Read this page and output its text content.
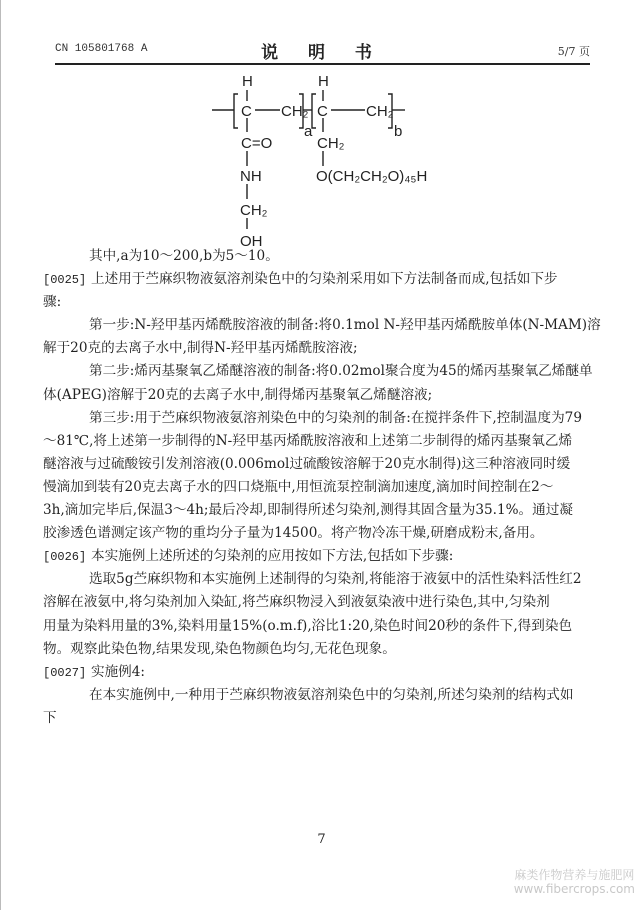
CN 105801768 A	说 明 书	5/7 页
H
C CH₂
a
H
C	CH₂
b
C=O
NH
CH₂
OH
CH₂
O(CH₂CH₂O)₄₅H
其中,a为10～200,b为5～10。
[0025] 上述用于苎麻织物液氨溶剂染色中的匀染剂采用如下方法制备而成,包括如下步
骤:
第一步:N-羟甲基丙烯酰胺溶液的制备:将0.1mol N-羟甲基丙烯酰胺单体(N-MAM)溶
解于20克的去离子水中,制得N-羟甲基丙烯酰胺溶液;
第二步:烯丙基聚氧乙烯醚溶液的制备:将0.02mol聚合度为45的烯丙基聚氧乙烯醚单
体(APEG)溶解于20克的去离子水中,制得烯丙基聚氧乙烯醚溶液;
第三步:用于苎麻织物液氨溶剂染色中的匀染剂的制备:在搅拌条件下,控制温度为79
～81℃,将上述第一步制得的N-羟甲基丙烯酰胺溶液和上述第二步制得的烯丙基聚氧乙烯
醚溶液与过硫酸铵引发剂溶液(0.006mol过硫酸铵溶解于20克水制得)这三种溶液同时缓
慢滴加到装有20克去离子水的四口烧瓶中,用恒流泵控制滴加速度,滴加时间控制在2～
3h,滴加完毕后,保温3～4h;最后冷却,即制得所述匀染剂,测得其固含量为35.1%。通过凝
胶渗透色谱测定该产物的重均分子量为14500。将产物冷冻干燥,研磨成粉末,备用。
[0026] 本实施例上述所述的匀染剂的应用按如下方法,包括如下步骤:
选取5g苎麻织物和本实施例上述制得的匀染剂,将能溶于液氨中的活性染料活性红2
溶解在液氨中,将匀染剂加入染缸,将苎麻织物浸入到液氨染液中进行染色,其中,匀染剂
用量为染料用量的3%,染料用量15%(o.m.f),浴比1:20,染色时间20秒的条件下,得到染色
物。观察此染色物,结果发现,染色物颜色均匀,无花色现象。
[0027] 实施例4:
在本实施例中,一种用于苎麻织物液氨溶剂染色中的匀染剂,所述匀染剂的结构式如
下
7
麻类作物营养与施肥网
www.fibercrops.com
